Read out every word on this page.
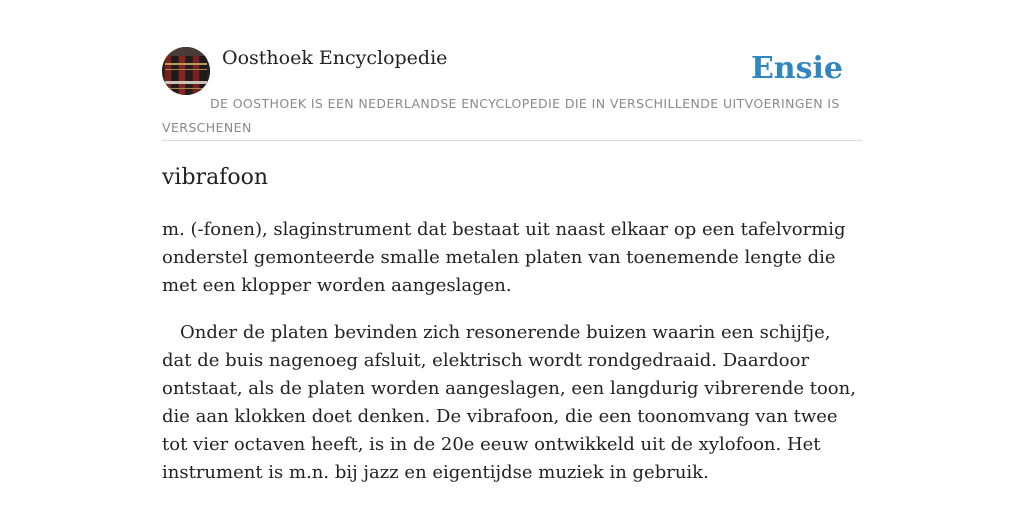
Oosthoek Encyclopedie	Ensie
DE OOSTHOEK IS EEN NEDERLANDSE ENCYCLOPEDIE DIE IN VERSCHILLENDE UITVOERINGEN IS VERSCHENEN
vibrafoon

m. (-fonen), slaginstrument dat bestaat uit naast elkaar op een tafelvormig onderstel gemonteerde smalle metalen platen van toenemende lengte die met een klopper worden aangeslagen.

Onder de platen bevinden zich resonerende buizen waarin een schijfje, dat de buis nagenoeg afsluit, elektrisch wordt rondgedraaid. Daardoor ontstaat, als de platen worden aangeslagen, een langdurig vibrerende toon, die aan klokken doet denken. De vibrafoon, die een toonomvang van twee tot vier octaven heeft, is in de 20e eeuw ontwikkeld uit de xylofoon. Het instrument is m.n. bij jazz en eigentijdse muziek in gebruik.
